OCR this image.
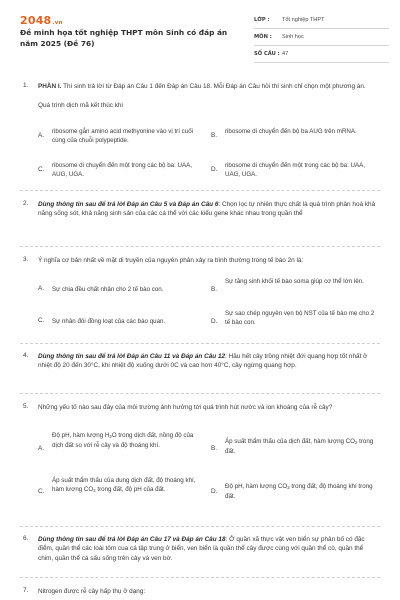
2048.vn
Đề minh họa tốt nghiệp THPT môn Sinh có đáp án năm 2025 (Đề 76)
LỚP : Tốt nghiệp THPT
MÔN : Sinh học
SỐ CÂU : 47
1. PHẦN I. Thí sinh trả lời từ Đáp án Câu 1 đến Đáp án Câu 18. Mỗi Đáp án Câu hỏi thí sinh chỉ chọn một phương án.
Quá trình dịch mã kết thúc khi
A.
ribosome gắn amino acid methyonine vào vị trí cuối cùng của chuỗi polypeptide.
B.
ribosome di chuyển đến bộ ba AUG trên mRNA.
C.
ribosome di chuyển đến một trong các bộ ba: UAA, AUG, UGA.
D.
ribosome di chuyển đến một trong các bộ ba: UAA, UAG, UGA.
2. Dùng thông tin sau để trả lời Đáp án Câu 5 và Đáp án Câu 6: Chọn lọc tự nhiên thực chất là quá trình phân hoá khả năng sống sót, khả năng sinh sản của các cá thể với các kiểu gene khác nhau trong quần thể
3. Ý nghĩa cơ bản nhất về mặt di truyền của nguyên phân xảy ra bình thường trong tế bào 2n là:
A. Sự chia đều chất nhân cho 2 tế bào con.	B.
Sự tăng sinh khối tế bào soma giúp cơ thể lớn lên.
C. Sự nhân đôi đồng loạt của các bào quan.	D.
Sự sao chép nguyên vẹn bộ NST của tế bào mẹ cho 2 tế bào con.
4. Dùng thông tin sau để trả lời Đáp án Câu 11 và Đáp án Câu 12: Hầu hết cây trồng nhiệt đới quang hợp tốt nhất ở nhiệt độ 20 đến 30°C, khi nhiệt độ xuống dưới 0C và cao hơn 40°C, cây ngừng quang hợp.
5. Những yếu tố nào sau đây của môi trường ảnh hưởng tới quá trình hút nước và ion khoáng của rễ cây?
A.
Độ pH, hàm lượng $H_2O$ trong dịch đất, nồng độ của dịch đất so với rễ cây và độ thoáng khí.	B.
Áp suất thẩm thấu của dịch đất, hàm lượng $CO_2$ trong đất.
C.
Áp suất thẩm thấu của dung dịch đất, độ thoáng khí, hàm lượng $CO_2$ trong đất, độ pH của đất.	D.
Độ pH, hàm lượng $CO_2$ trong đất, độ thoáng khí trong đất.
6. Dùng thông tin sau để trả lời Đáp án Câu 17 và Đáp án Câu 18: Ở quần xã thực vật ven biển sự phân bố có đặc điểm, quần thể các loài tôm cua cá tập trung ở biển, ven biển là quần thể cây được cùng với quần thể cò, quần thể chim, quần thể cá sấu sống trên cây và ven bờ.
7. Nitrogen được rễ cây hấp thụ ở dạng:
